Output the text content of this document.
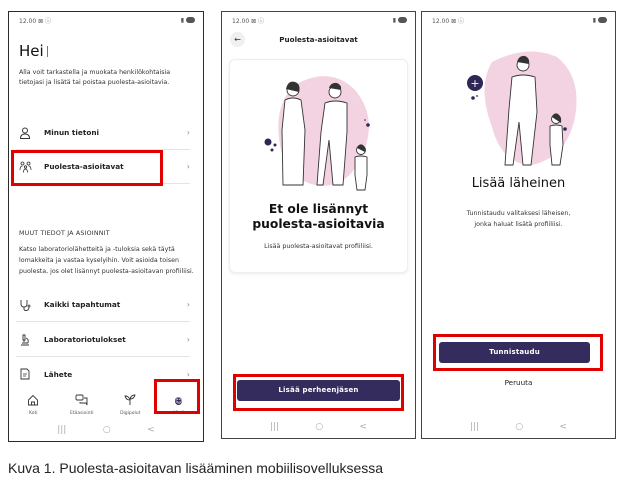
12.00 ⊠ ⓘ	▮
Hei
Alla voit tarkastella ja muokata henkilökohtaisia tietojasi ja lisätä tai poistaa puolesta-asioitavia.
Minun tietoni	›
Puolesta-asioitavat	›
MUUT TIEDOT JA ASIOINNIT
Katso laboratoriolähetteitä ja -tuloksia sekä täytä lomakkeita ja vastaa kyselyihin. Voit asioida toisen puolesta, jos olet lisännyt puolesta-asioitavan profiiliisi.
Kaikki tapahtumat	›
Laboratoriotulokset	›
Lähete	›
Koti	Etäasiointi	Digipolut
☺
Minä
|||	○	<
12.00 ⊠ ⓘ	▮
←	Puolesta-asioitavat
Et ole lisännyt
puolesta-asioitavia
Lisää puolesta-asioitavat profiiliisi.
Lisää perheenjäsen
|||	○	<
12.00 ⊠ ⓘ	▮
+
Lisää läheinen
Tunnistaudu valitaksesi läheisen,
jonka haluat lisätä profiiliisi.
Tunnistaudu
Peruuta
|||	○	<
Kuva 1. Puolesta-asioitavan lisääminen mobiilisovelluksessa
